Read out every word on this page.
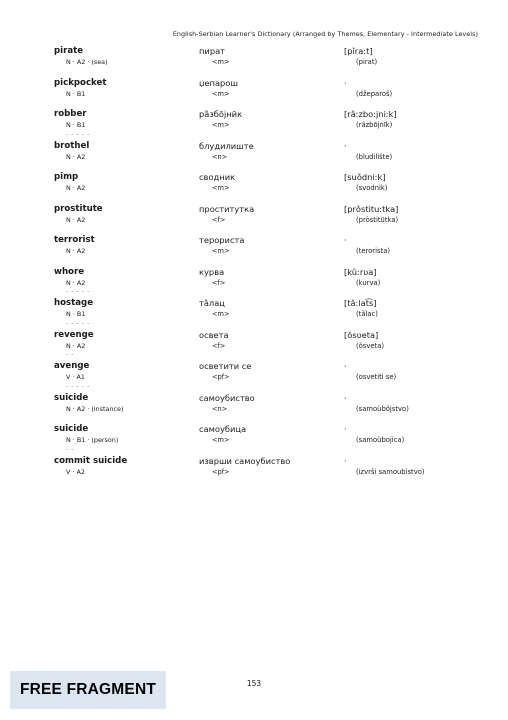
English-Serbian Learner's Dictionary (Arranged by Themes, Elementary - Intermediate Levels)
pirate
N · A2 · (sea)
пират
<m>
[pǐraːt]
(pirat)
pickpocket
N · B1
џепарош
<m>
·
(džeparoš)
robber
N · B1
- - - - -
ра̏збо̄јнӣк
<m>
[râːzboːjniːk]
(rȃzbōjnīk)
brothel
N · A2
блудилиште
<n>
·
(bludilište)
pimp
N · A2
сводник
<m>
[suǒdniːk]
(svodnik)
prostitute
N · A2
проститутка
<f>
[prǒstituːtka]
(pròstitūtka)
terrorist
N · A2
терориста
<m>
·
(terorista)
whore
N · A2
- - - - -
курва
<f>
[kûːrʋa]
(kurva)
hostage
N · B1
- - - - -
та̏лац
<m>
[tâːlat͡s]
(tȁlac)
revenge
N · A2
- -
освета
<f>
[ǒsʋeta]
(ǒsveta)
avenge
V · A1
- - - - -
осветити се
<pf>
·
(osvetiti se)
suicide
N · A2 · (instance)
самоубиство
<n>
·
(samoùbȏjstvo)
suicide
N · B1 · (person)
- -
самоубица
<m>
·
(samoùbojica)
commit suicide
V · A2
изврши самоубиство
<pf>
·
(izvrši samoubistvo)
153
FREE FRAGMENT
